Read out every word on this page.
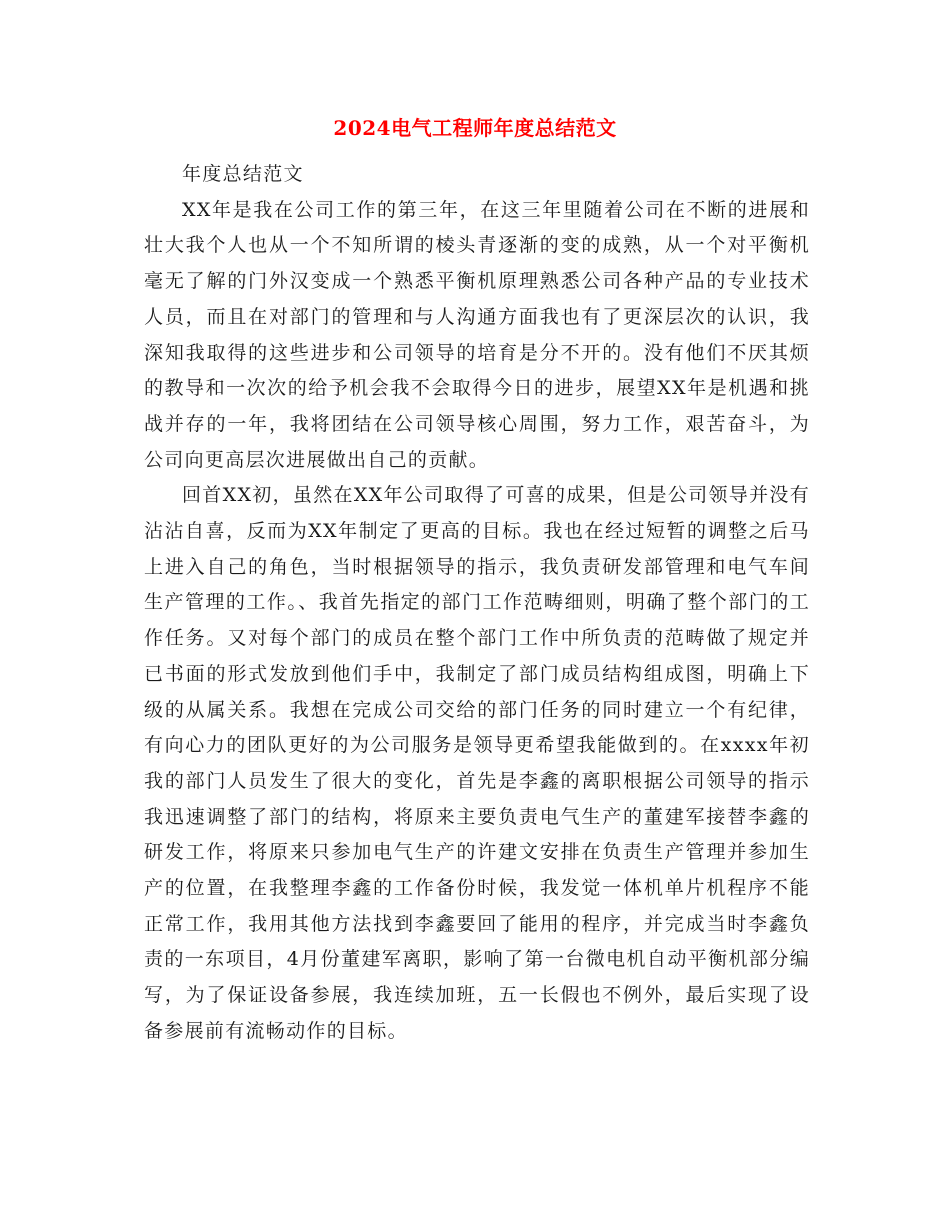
2024电气工程师年度总结范文

年度总结范文

XX年是我在公司工作的第三年，在这三年里随着公司在不断的进展和壮大我个人也从一个不知所谓的棱头青逐渐的变的成熟，从一个对平衡机毫无了解的门外汉变成一个熟悉平衡机原理熟悉公司各种产品的专业技术人员，而且在对部门的管理和与人沟通方面我也有了更深层次的认识，我深知我取得的这些进步和公司领导的培育是分不开的。没有他们不厌其烦的教导和一次次的给予机会我不会取得今日的进步，展望XX年是机遇和挑战并存的一年，我将团结在公司领导核心周围，努力工作，艰苦奋斗，为公司向更高层次进展做出自己的贡献。

回首XX初，虽然在XX年公司取得了可喜的成果，但是公司领导并没有沾沾自喜，反而为XX年制定了更高的目标。我也在经过短暂的调整之后马上进入自己的角色，当时根据领导的指示，我负责研发部管理和电气车间生产管理的工作。、我首先指定的部门工作范畴细则，明确了整个部门的工作任务。又对每个部门的成员在整个部门工作中所负责的范畴做了规定并已书面的形式发放到他们手中，我制定了部门成员结构组成图，明确上下级的从属关系。我想在完成公司交给的部门任务的同时建立一个有纪律，有向心力的团队更好的为公司服务是领导更希望我能做到的。在xxxx年初我的部门人员发生了很大的变化，首先是李鑫的离职根据公司领导的指示我迅速调整了部门的结构，将原来主要负责电气生产的董建军接替李鑫的研发工作，将原来只参加电气生产的许建文安排在负责生产管理并参加生产的位置，在我整理李鑫的工作备份时候，我发觉一体机单片机程序不能正常工作，我用其他方法找到李鑫要回了能用的程序，并完成当时李鑫负责的一东项目，4月份董建军离职，影响了第一台微电机自动平衡机部分编写，为了保证设备参展，我连续加班，五一长假也不例外，最后实现了设备参展前有流畅动作的目标。
